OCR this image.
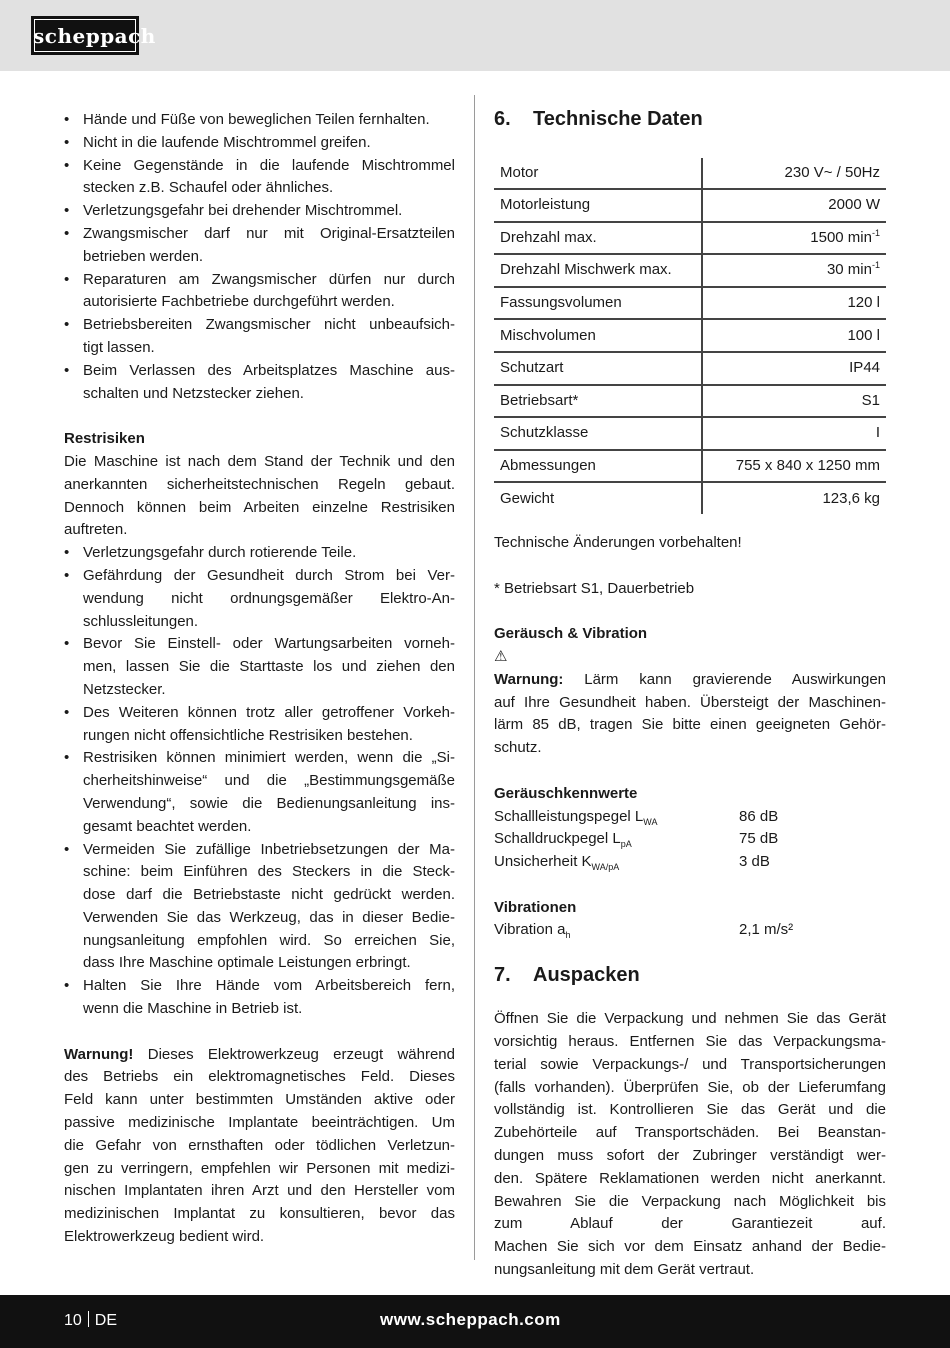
scheppach
• Hände und Füße von beweglichen Teilen fernhalten.
• Nicht in die laufende Mischtrommel greifen.
• Keine Gegenstände in die laufende Mischtrommel
stecken z.B. Schaufel oder ähnliches.
• Verletzungsgefahr bei drehender Mischtrommel.
• Zwangsmischer darf nur mit Original-Ersatzteilen
betrieben werden.
• Reparaturen am Zwangsmischer dürfen nur durch
autorisierte Fachbetriebe durchgeführt werden.
• Betriebsbereiten Zwangsmischer nicht unbeaufsich-
tigt lassen.
• Beim Verlassen des Arbeitsplatzes Maschine aus-
schalten und Netzstecker ziehen.
Restrisiken
Die Maschine ist nach dem Stand der Technik und den
anerkannten sicherheitstechnischen Regeln gebaut.
Dennoch können beim Arbeiten einzelne Restrisiken
auftreten.
• Verletzungsgefahr durch rotierende Teile.
• Gefährdung der Gesundheit durch Strom bei Ver-
wendung nicht ordnungsgemäßer Elektro-An-
schlussleitungen.
• Bevor Sie Einstell- oder Wartungsarbeiten vorneh-
men, lassen Sie die Starttaste los und ziehen den
Netzstecker.
• Des Weiteren können trotz aller getroffener Vorkeh-
rungen nicht offensichtliche Restrisiken bestehen.
• Restrisiken können minimiert werden, wenn die „Si-
cherheitshinweise“ und die „Bestimmungsgemäße
Verwendung“, sowie die Bedienungsanleitung ins-
gesamt beachtet werden.
• Vermeiden Sie zufällige Inbetriebsetzungen der Ma-
schine: beim Einführen des Steckers in die Steck-
dose darf die Betriebstaste nicht gedrückt werden.
Verwenden Sie das Werkzeug, das in dieser Bedie-
nungsanleitung empfohlen wird. So erreichen Sie,
dass Ihre Maschine optimale Leistungen erbringt.
• Halten Sie Ihre Hände vom Arbeitsbereich fern,
wenn die Maschine in Betrieb ist.
Warnung! Dieses Elektrowerkzeug erzeugt während
des Betriebs ein elektromagnetisches Feld. Dieses
Feld kann unter bestimmten Umständen aktive oder
passive medizinische Implantate beeinträchtigen. Um
die Gefahr von ernsthaften oder tödlichen Verletzun-
gen zu verringern, empfehlen wir Personen mit medizi-
nischen Implantaten ihren Arzt und den Hersteller vom
medizinischen Implantat zu konsultieren, bevor das
Elektrowerkzeug bedient wird.
6. Technische Daten
Motor	230 V~ / 50Hz
Motorleistung	2000 W
Drehzahl max.	1500 $\min^{-1}$
Drehzahl Mischwerk max.	30 $\min^{-1}$
Fassungsvolumen	120 l
Mischvolumen	100 l
Schutzart	IP44
Betriebsart*	S1
Schutzklasse	I
Abmessungen	755 x 840 x 1250 mm
Gewicht	123,6 kg
Technische Änderungen vorbehalten!
* Betriebsart S1, Dauerbetrieb
Geräusch & Vibration
⚠
Warnung: Lärm kann gravierende Auswirkungen
auf Ihre Gesundheit haben. Übersteigt der Maschinen-
lärm 85 dB, tragen Sie bitte einen geeigneten Gehör-
schutz.
Geräuschkennwerte
Schallleistungspegel $L_{WA}$	86 dB
Schalldruckpegel $L_{pA}$	75 dB
Unsicherheit $K_{WA/pA}$	3 dB
Vibrationen
Vibration $a_h$	2,1 m/s²
7. Auspacken
Öffnen Sie die Verpackung und nehmen Sie das Gerät
vorsichtig heraus. Entfernen Sie das Verpackungsma-
terial sowie Verpackungs-/ und Transportsicherungen
(falls vorhanden). Überprüfen Sie, ob der Lieferumfang
vollständig ist. Kontrollieren Sie das Gerät und die
Zubehörteile auf Transportschäden. Bei Beanstan-
dungen muss sofort der Zubringer verständigt wer-
den. Spätere Reklamationen werden nicht anerkannt.
Bewahren Sie die Verpackung nach Möglichkeit bis
zum Ablauf der Garantiezeit auf.
Machen Sie sich vor dem Einsatz anhand der Bedie-
nungsanleitung mit dem Gerät vertraut.
10 DE	www.scheppach.com
